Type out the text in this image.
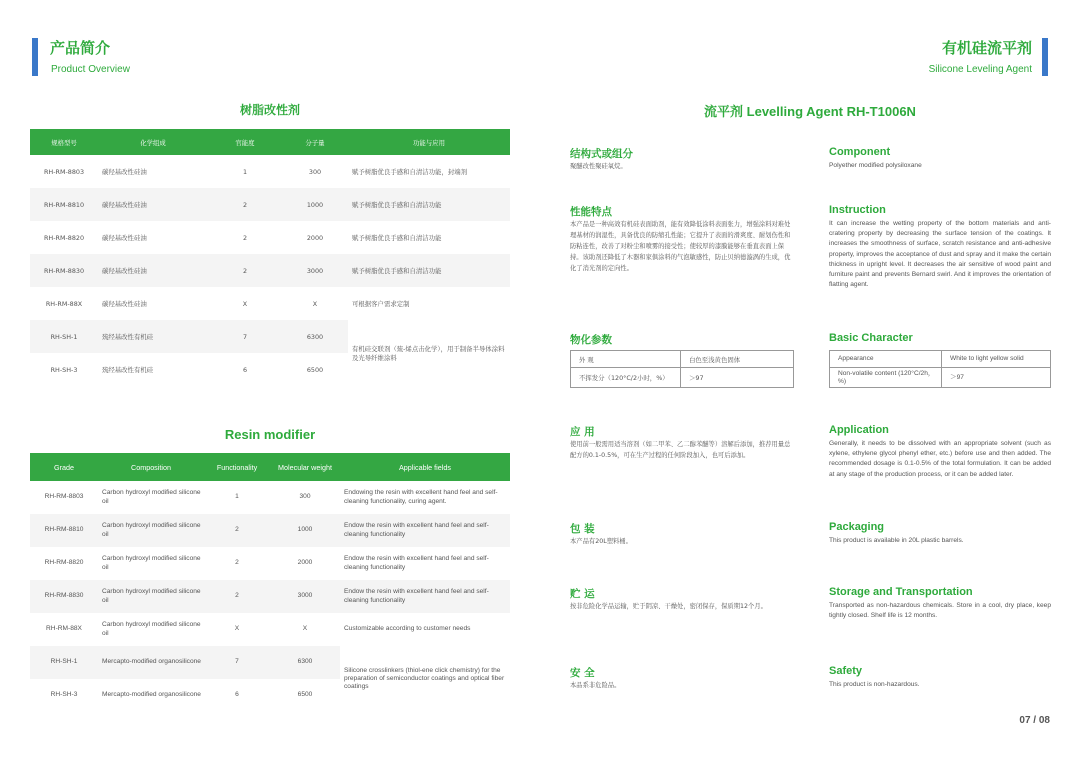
产品简介
Product Overview
有机硅流平剂
Silicone Leveling Agent
树脂改性剂
规格型号	化学组成	官能度	分子量	功能与应用
RH-RM-8803	碳羟基改性硅油	1	300	赋予树脂优良手感和自清洁功能，封端剂
RH-RM-8810	碳羟基改性硅油	2	1000	赋予树脂优良手感和自清洁功能
RH-RM-8820	碳羟基改性硅油	2	2000	赋予树脂优良手感和自清洁功能
RH-RM-8830	碳羟基改性硅油	2	3000	赋予树脂优良手感和自清洁功能
RH-RM-88X	碳羟基改性硅油	X	X	可根据客户需求定制
RH-SH-1	巯经基改性有机硅	7	6300	有机硅交联剂（巯-烯点击化学），用于制备半导体涂料及光导纤维涂料
RH-SH-3	巯经基改性有机硅	6	6500	
Resin modifier
Grade	Composition	Functionality	Molecular weight	Applicable fields
RH-RM-8803	Carbon hydroxyl modified silicone oil	1	300	Endowing the resin with excellent hand feel and self-cleaning functionality, curing agent.
RH-RM-8810	Carbon hydroxyl modified silicone oil	2	1000	Endow the resin with excellent hand feel and self-cleaning functionality
RH-RM-8820	Carbon hydroxyl modified silicone oil	2	2000	Endow the resin with excellent hand feel and self-cleaning functionality
RH-RM-8830	Carbon hydroxyl modified silicone oil	2	3000	Endow the resin with excellent hand feel and self-cleaning functionality
RH-RM-88X	Carbon hydroxyl modified silicone oil	X	X	Customizable according to customer needs
RH-SH-1	Mercapto-modified organosilicone	7	6300	Silicone crosslinkers (thiol-ene click chemistry) for the preparation of semiconductor coatings and optical fiber coatings
RH-SH-3	Mercapto-modified organosilicone	6	6500	
流平剂 Levelling Agent RH-T1006N
结构式或组分
聚醚改性聚硅氧烷。
Component
Polyether modified polysiloxane
性能特点
本产品是一种高效有机硅表面助剂，能有效降低涂料表面张力，增强涂料对难处理基材的润湿性，具备优良的防缩孔性能；它提升了表面的滑爽度、耐划伤性和防粘连性，改善了对粉尘和喷雾的接受性；使较厚的漆膜能够在垂直表面上保持。该助剂还降低了木器和家俱涂料的气泡敏感性，防止贝纳德漩涡的生成，优化了消光剂的定向性。
Instruction
It can increase the wetting property of the bottom materials and anti-cratering property by decreasing the surface tension of the coatings. It increases the smoothness of surface, scratch resistance and anti-adhesive property, improves the acceptance of dust and spray and it make the certain thickness in upright level. It decreases the air sensitive of wood paint and furniture paint and prevents Bernard swirl. And it improves the orientation of flatting agent.
物化参数	Basic Character
外 观	白色至浅黄色固体
不挥发分（120°C/2小时，%）	＞97
Appearance	White to light yellow solid
Non-volatile content (120°C/2h，%)	＞97
应 用
使用前一般需用适当溶剂（如二甲苯、乙二醇苯醚等）溶解后添加，推荐用量总配方的0.1-0.5%，可在生产过程的任何阶段加入，也可后添加。
Application
Generally, it needs to be dissolved with an appropriate solvent (such as xylene, ethylene glycol phenyl ether, etc.) before use and then added. The recommended dosage is 0.1-0.5% of the total formulation. It can be added at any stage of the production process, or it can be added later.
包 装
本产品有20L塑料桶。
Packaging
This product is available in 20L plastic barrels.
贮 运
按非危险化学品运输，贮于阴凉、干燥处，密闭保存，保质期12个月。
Storage and Transportation
Transported as non-hazardous chemicals. Store in a cool, dry place, keep tightly closed. Shelf life is 12 months.
安 全
本品系非危险品。
Safety
This product is non-hazardous.
07 / 08
